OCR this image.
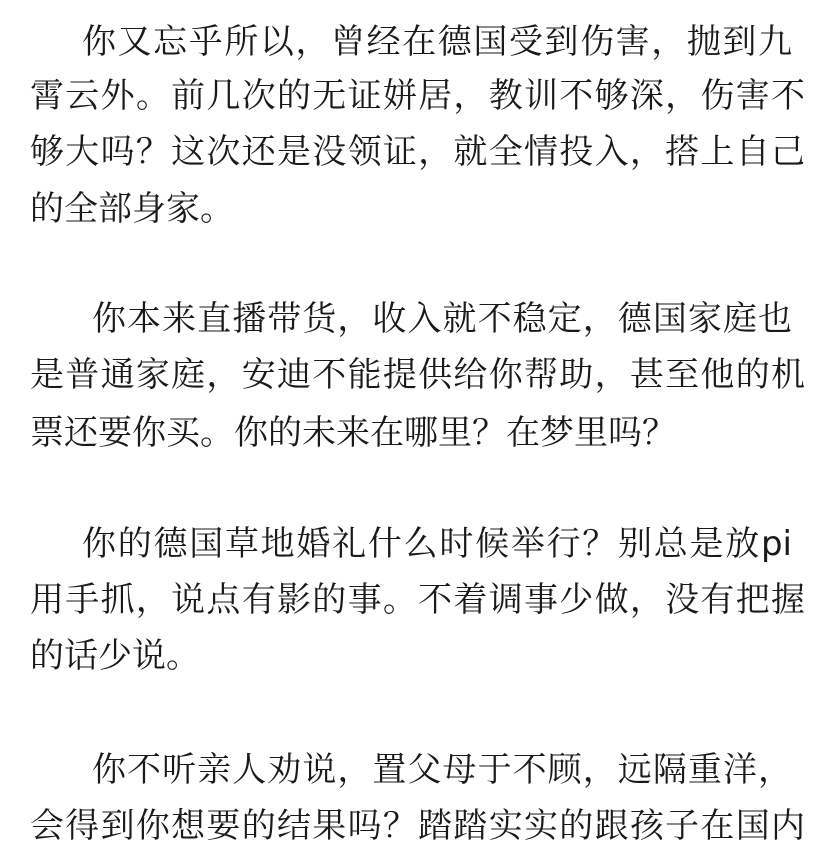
你又忘乎所以，曾经在德国受到伤害，抛到九
霄云外。前几次的无证姘居，教训不够深，伤害不
够大吗？这次还是没领证，就全情投入，搭上自己
的全部身家。
你本来直播带货，收入就不稳定，德国家庭也
是普通家庭，安迪不能提供给你帮助，甚至他的机
票还要你买。你的未来在哪里？在梦里吗？
你的德国草地婚礼什么时候举行？别总是放pi
用手抓，说点有影的事。不着调事少做，没有把握
的话少说。
你不听亲人劝说，置父母于不顾，远隔重洋，
会得到你想要的结果吗？踏踏实实的跟孩子在国内
